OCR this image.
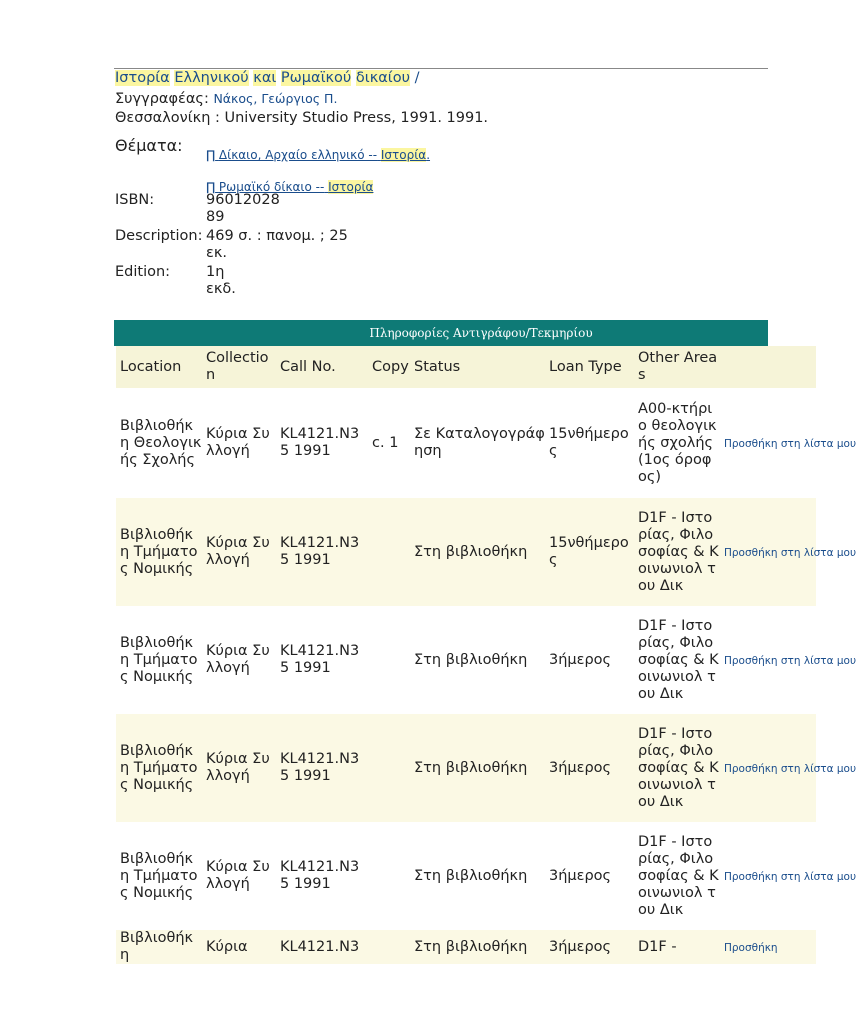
Ιστορία Ελληνικού και Ρωμαϊκού δικαίου /
Συγγραφέας: Νάκος, Γεώργιος Π.
Θεσσαλονίκη : University Studio Press, 1991. 1991.
Θέματα:	∏ Δίκαιο, Αρχαίο ελληνικό -- Ιστορία.
∏ Ρωμαϊκό δίκαιο -- Ιστορία
ISBN:	9601202889
Description: 469 σ. : πανομ. ; 25 εκ.
Edition:	1η εκδ.
Πληροφορίες Αντιγράφου/Τεκμηρίου
Location	Collection	Call No.	Copy	Status	Loan Type	Other Areas	
Βιβλιοθήκη Θεολογικής Σχολής	Κύρια Συλλογή	KL4121.N35 1991	c. 1	Σε Καταλογογράφηση	15νθήμερος	A00-κτήριο θεολογικής σχολής (1ος όροφος)	Προσθήκη στη λίστα μου
Βιβλιοθήκη Τμήματος Νομικής	Κύρια Συλλογή	KL4121.N35 1991		Στη βιβλιοθήκη	15νθήμερος	D1F - Ιστορίας, Φιλοσοφίας & Κοινωνιολ του Δικ	Προσθήκη στη λίστα μου
Βιβλιοθήκη Τμήματος Νομικής	Κύρια Συλλογή	KL4121.N35 1991		Στη βιβλιοθήκη	3ήμερος	D1F - Ιστορίας, Φιλοσοφίας & Κοινωνιολ του Δικ	Προσθήκη στη λίστα μου
Βιβλιοθήκη Τμήματος Νομικής	Κύρια Συλλογή	KL4121.N35 1991		Στη βιβλιοθήκη	3ήμερος	D1F - Ιστορίας, Φιλοσοφίας & Κοινωνιολ του Δικ	Προσθήκη στη λίστα μου
Βιβλιοθήκη Τμήματος Νομικής	Κύρια Συλλογή	KL4121.N35 1991		Στη βιβλιοθήκη	3ήμερος	D1F - Ιστορίας, Φιλοσοφίας & Κοινωνιολ του Δικ	Προσθήκη στη λίστα μου
Βιβλιοθήκη	Κύρια	KL4121.N3		Στη βιβλιοθήκη	3ήμερος	D1F -	Προσθήκη
